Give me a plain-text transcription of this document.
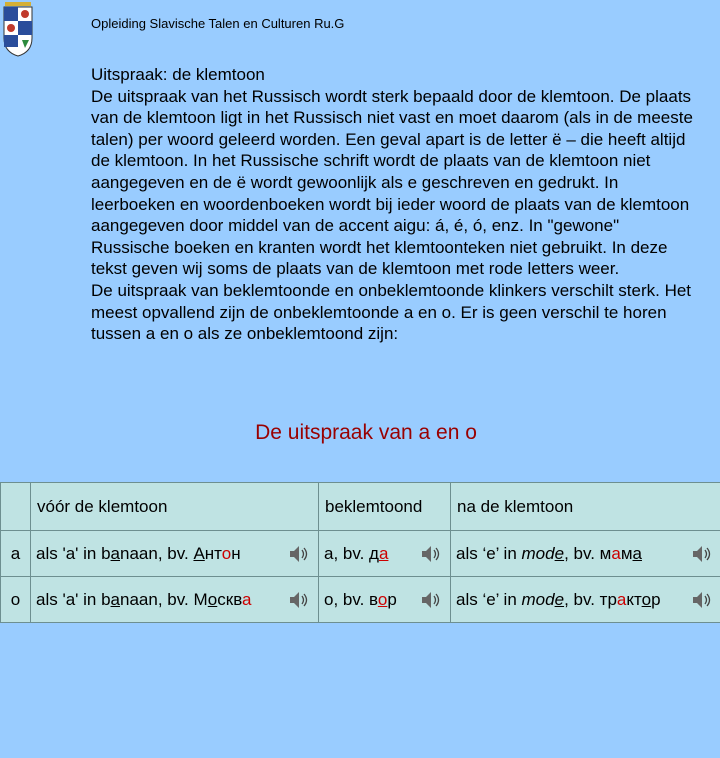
Opleiding Slavische Talen en Culturen Ru.G

Uitspraak: de klemtoon

De uitspraak van het Russisch wordt sterk bepaald door de klemtoon. De plaats van de klemtoon ligt in het Russisch niet vast en moet daarom (als in de meeste talen) per woord geleerd worden. Een geval apart is de letter ë – die heeft altijd de klemtoon. In het Russische schrift wordt de plaats van de klemtoon niet aangegeven en de ë wordt gewoonlijk als e geschreven en gedrukt. In leerboeken en woordenboeken wordt bij ieder woord de plaats van de klemtoon aangegeven door middel van de accent aigu: á, é, ó, enz. In "gewone" Russische boeken en kranten wordt het klemtoonteken niet gebruikt. In deze tekst geven wij soms de plaats van de klemtoon met rode letters weer.

De uitspraak van beklemtoonde en onbeklemtoonde klinkers verschilt sterk. Het meest opvallend zijn de onbeklemtoonde a en o. Er is geen verschil te horen tussen a en o als ze onbeklemtoond zijn:

De uitspraak van a en o
	vóór de klemtoon	beklemtoond	na de klemtoon
a	als 'a' in banaan, bv. Антон	a, bv. да	als ‘e’ in mode, bv. мама

o	als 'a' in banaan, bv. Москва	o, bv. вор	als ‘e’ in mode, bv. трактор
